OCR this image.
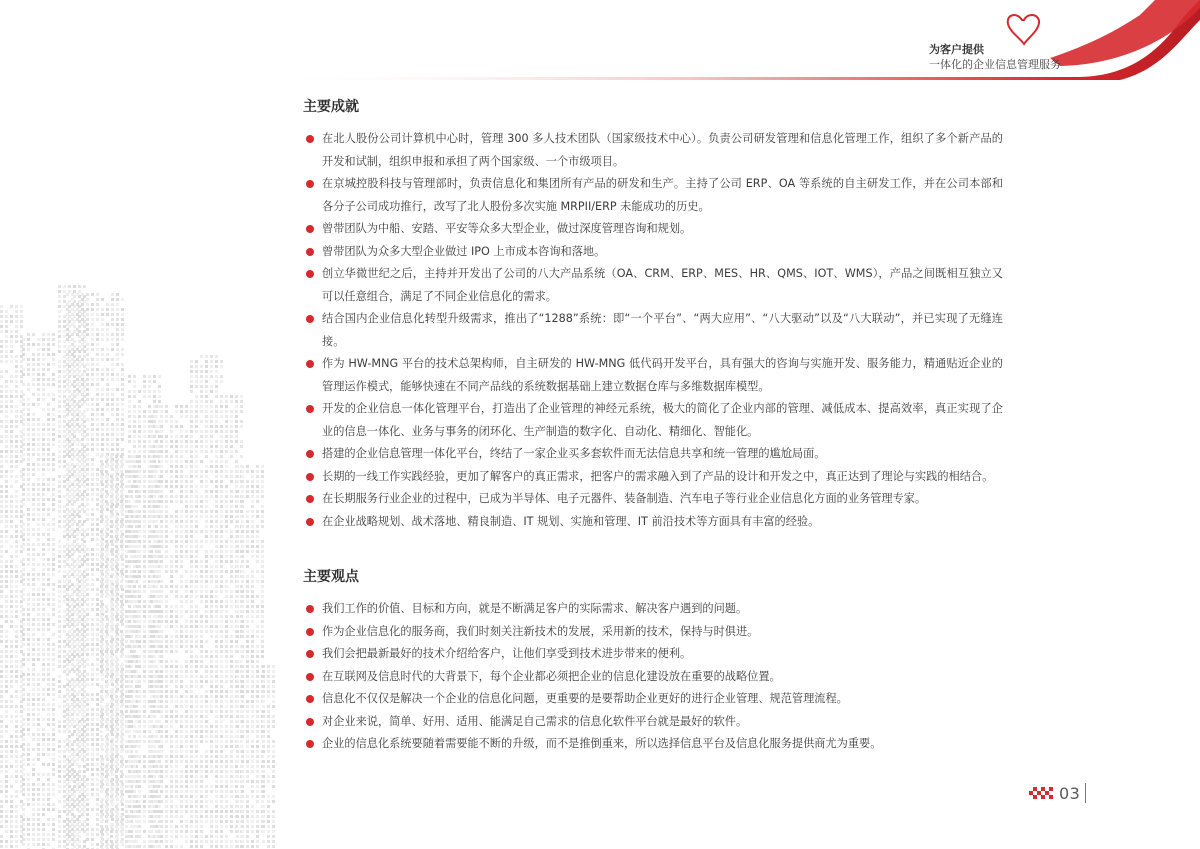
为客户提供
一体化的企业信息管理服务
主要成就
在北人股份公司计算机中心时，管理 300 多人技术团队（国家级技术中心）。负责公司研发管理和信息化管理工作，组织了多个新产品的开发和试制，组织申报和承担了两个国家级、一个市级项目。
在京城控股科技与管理部时，负责信息化和集团所有产品的研发和生产。主持了公司 ERP、OA 等系统的自主研发工作，并在公司本部和各分子公司成功推行，改写了北人股份多次实施 MRPII/ERP 未能成功的历史。
曾带团队为中船、安踏、平安等众多大型企业，做过深度管理咨询和规划。
曾带团队为众多大型企业做过 IPO 上市成本咨询和落地。
创立华微世纪之后，主持并开发出了公司的八大产品系统（OA、CRM、ERP、MES、HR、QMS、IOT、WMS），产品之间既相互独立又可以任意组合，满足了不同企业信息化的需求。
结合国内企业信息化转型升级需求，推出了“1288”系统：即“一个平台”、“两大应用”、“八大驱动”以及“八大联动”，并已实现了无缝连接。
作为 HW-MNG 平台的技术总架构师，自主研发的 HW-MNG 低代码开发平台，具有强大的咨询与实施开发、服务能力，精通贴近企业的管理运作模式，能够快速在不同产品线的系统数据基础上建立数据仓库与多维数据库模型。
开发的企业信息一体化管理平台，打造出了企业管理的神经元系统，极大的简化了企业内部的管理、减低成本、提高效率，真正实现了企业的信息一体化、业务与事务的闭环化、生产制造的数字化、自动化、精细化、智能化。
搭建的企业信息管理一体化平台，终结了一家企业买多套软件而无法信息共享和统一管理的尴尬局面。
长期的一线工作实践经验，更加了解客户的真正需求，把客户的需求融入到了产品的设计和开发之中，真正达到了理论与实践的相结合。
在长期服务行业企业的过程中，已成为半导体、电子元器件、装备制造、汽车电子等行业企业信息化方面的业务管理专家。
在企业战略规划、战术落地、精良制造、IT 规划、实施和管理、IT 前沿技术等方面具有丰富的经验。
主要观点
我们工作的价值、目标和方向，就是不断满足客户的实际需求、解决客户遇到的问题。
作为企业信息化的服务商，我们时刻关注新技术的发展，采用新的技术，保持与时俱进。
我们会把最新最好的技术介绍给客户，让他们享受到技术进步带来的便利。
在互联网及信息时代的大背景下，每个企业都必须把企业的信息化建设放在重要的战略位置。
信息化不仅仅是解决一个企业的信息化问题，更重要的是要帮助企业更好的进行企业管理、规范管理流程。
对企业来说，简单、好用、适用、能满足自己需求的信息化软件平台就是最好的软件。
企业的信息化系统要随着需要能不断的升级，而不是推倒重来，所以选择信息平台及信息化服务提供商尤为重要。
03
